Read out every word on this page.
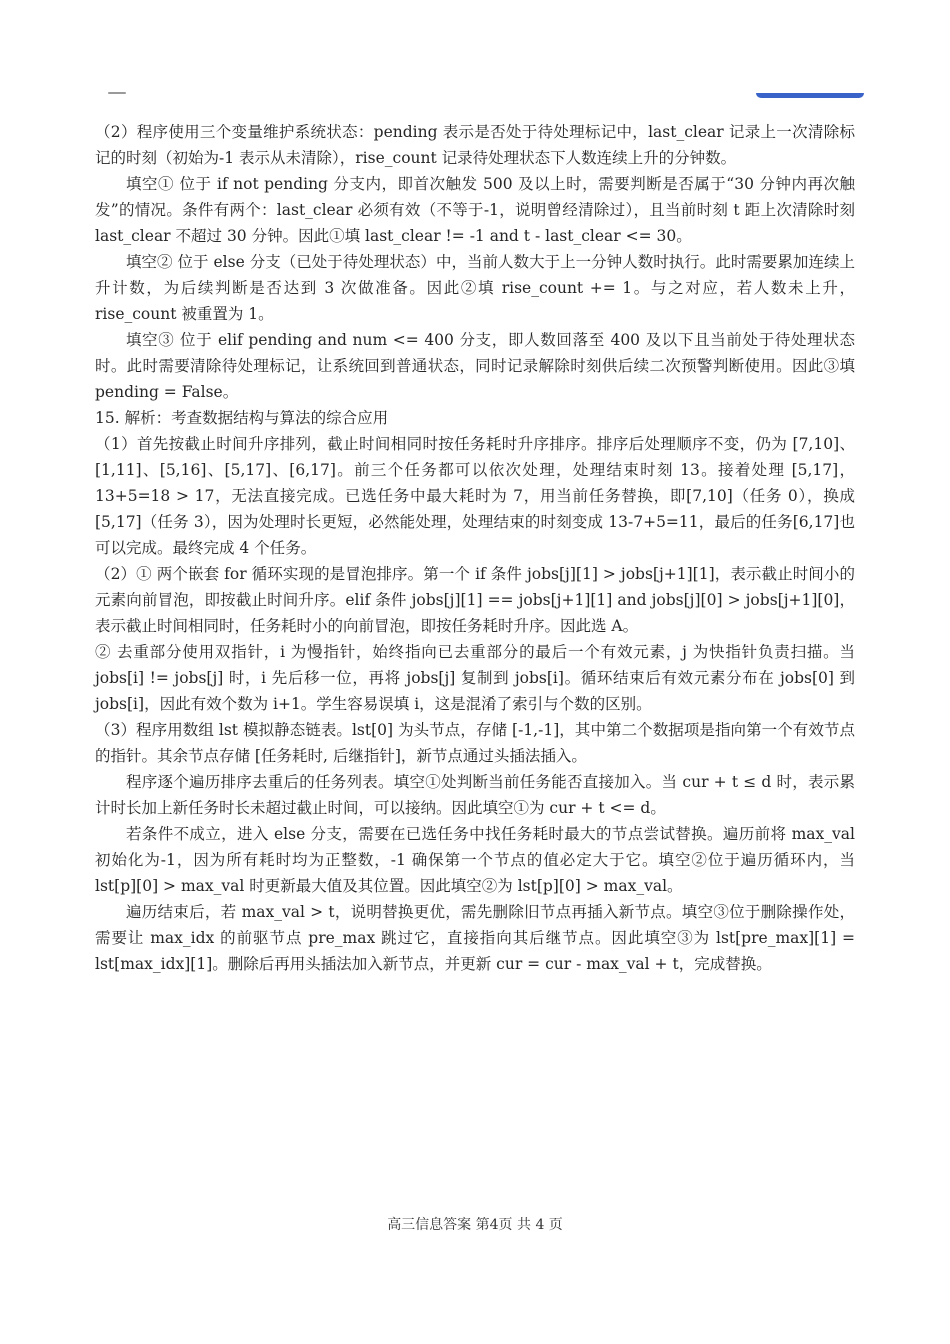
（2）程序使用三个变量维护系统状态：pending 表示是否处于待处理标记中，last_clear 记录上一次清除标记的时刻（初始为-1 表示从未清除），rise_count 记录待处理状态下人数连续上升的分钟数。

填空① 位于 if not pending 分支内，即首次触发 500 及以上时，需要判断是否属于“30 分钟内再次触发”的情况。条件有两个：last_clear 必须有效（不等于-1，说明曾经清除过），且当前时刻 t 距上次清除时刻 last_clear 不超过 30 分钟。因此①填 last_clear != -1 and t - last_clear <= 30。

填空② 位于 else 分支（已处于待处理状态）中，当前人数大于上一分钟人数时执行。此时需要累加连续上升计数，为后续判断是否达到 3 次做准备。因此②填 rise_count += 1。与之对应，若人数未上升，rise_count 被重置为 1。

填空③ 位于 elif pending and num <= 400 分支，即人数回落至 400 及以下且当前处于待处理状态时。此时需要清除待处理标记，让系统回到普通状态，同时记录解除时刻供后续二次预警判断使用。因此③填 pending = False。

15. 解析：考查数据结构与算法的综合应用

（1）首先按截止时间升序排列，截止时间相同时按任务耗时升序排序。排序后处理顺序不变，仍为 [7,10]、[1,11]、[5,16]、[5,17]、[6,17]。前三个任务都可以依次处理，处理结束时刻 13。接着处理 [5,17]，13+5=18 > 17，无法直接完成。已选任务中最大耗时为 7，用当前任务替换，即[7,10]（任务 0），换成[5,17]（任务 3），因为处理时长更短，必然能处理，处理结束的时刻变成 13-7+5=11，最后的任务[6,17]也可以完成。最终完成 4 个任务。

（2）① 两个嵌套 for 循环实现的是冒泡排序。第一个 if 条件 jobs[j][1] > jobs[j+1][1]，表示截止时间小的元素向前冒泡，即按截止时间升序。elif 条件 jobs[j][1] == jobs[j+1][1] and jobs[j][0] > jobs[j+1][0]，表示截止时间相同时，任务耗时小的向前冒泡，即按任务耗时升序。因此选 A。

② 去重部分使用双指针，i 为慢指针，始终指向已去重部分的最后一个有效元素，j 为快指针负责扫描。当 jobs[i] != jobs[j] 时，i 先后移一位，再将 jobs[j] 复制到 jobs[i]。循环结束后有效元素分布在 jobs[0] 到 jobs[i]，因此有效个数为 i+1。学生容易误填 i，这是混淆了索引与个数的区别。

（3）程序用数组 lst 模拟静态链表。lst[0] 为头节点，存储 [-1,-1]，其中第二个数据项是指向第一个有效节点的指针。其余节点存储 [任务耗时, 后继指针]，新节点通过头插法插入。

程序逐个遍历排序去重后的任务列表。填空①处判断当前任务能否直接加入。当 cur + t ≤ d 时，表示累计时长加上新任务时长未超过截止时间，可以接纳。因此填空①为 cur + t <= d。

若条件不成立，进入 else 分支，需要在已选任务中找任务耗时最大的节点尝试替换。遍历前将 max_val 初始化为-1，因为所有耗时均为正整数，-1 确保第一个节点的值必定大于它。填空②位于遍历循环内，当 lst[p][0] > max_val 时更新最大值及其位置。因此填空②为 lst[p][0] > max_val。

遍历结束后，若 max_val > t，说明替换更优，需先删除旧节点再插入新节点。填空③位于删除操作处，需要让 max_idx 的前驱节点 pre_max 跳过它，直接指向其后继节点。因此填空③为 lst[pre_max][1] = lst[max_idx][1]。删除后再用头插法加入新节点，并更新 cur = cur - max_val + t，完成替换。

高三信息答案 第4页 共 4 页
